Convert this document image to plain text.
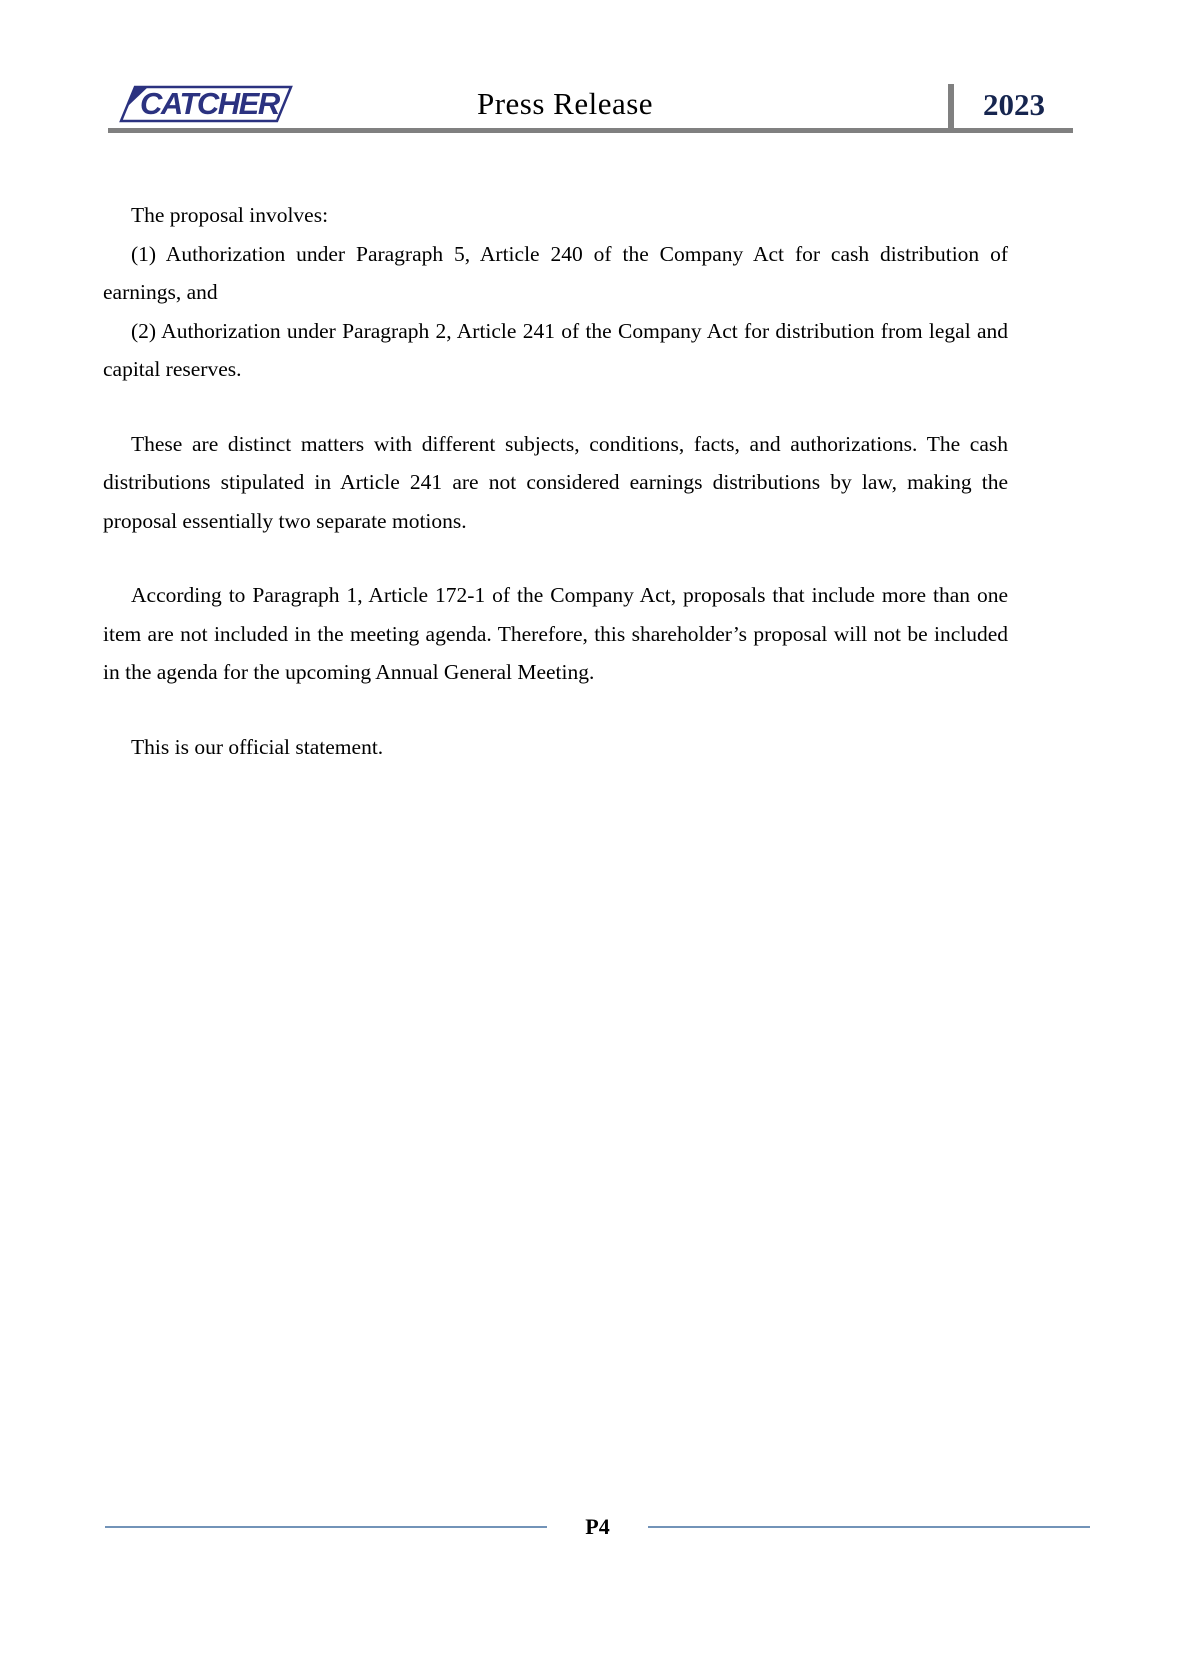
CATCHER	Press Release	2023

The proposal involves:

(1) Authorization under Paragraph 5, Article 240 of the Company Act for cash distribution of earnings, and

(2) Authorization under Paragraph 2, Article 241 of the Company Act for distribution from legal and capital reserves.

These are distinct matters with different subjects, conditions, facts, and authorizations. The cash distributions stipulated in Article 241 are not considered earnings distributions by law, making the proposal essentially two separate motions.

According to Paragraph 1, Article 172-1 of the Company Act, proposals that include more than one item are not included in the meeting agenda. Therefore, this shareholder’s proposal will not be included in the agenda for the upcoming Annual General Meeting.

This is our official statement.

P4
